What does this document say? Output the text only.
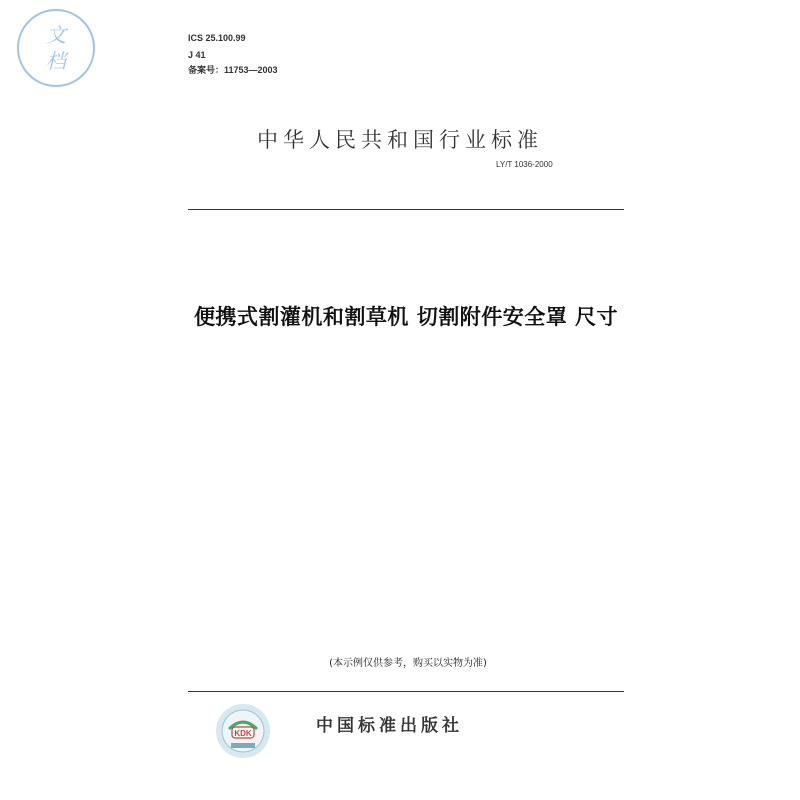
文
档
ICS 25.100.99
J 41
备案号：11753—2003
中华人民共和国行业标准
LY/T 1036-2000
便携式割灌机和割草机 切割附件安全罩 尺寸
(本示例仅供参考，购买以实物为准)
KDK	中国标准出版社
